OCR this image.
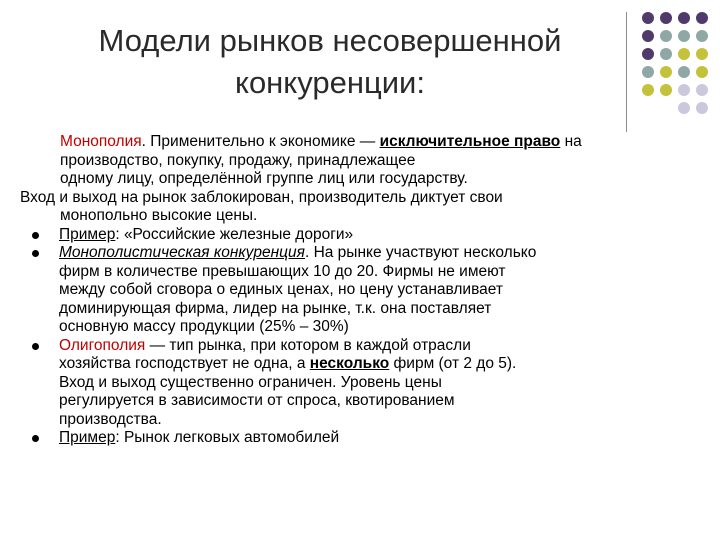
Модели рынков несовершенной
конкуренции:

Монополия. Применительно к экономике — исключительное право на производство, покупку, продажу, принадлежащее

одному лицу, определённой группе лиц или государству.

Вход и выход на рынок заблокирован, производитель диктует свои

монопольно высокие цены.

Пример: «Российские железные дороги»
Монополистическая конкуренция. На рынке участвуют несколько
фирм в количестве превышающих 10 до 20. Фирмы не имеют
между собой сговора о единых ценах, но цену устанавливает
доминирующая фирма, лидер на рынке, т.к. она поставляет
основную массу продукции (25% – 30%)
Олигополия — тип рынка, при котором в каждой отрасли
хозяйства господствует не одна, а несколько фирм (от 2 до 5).
Вход и выход существенно ограничен. Уровень цены
регулируется в зависимости от спроса, квотированием
производства.
Пример: Рынок легковых автомобилей
